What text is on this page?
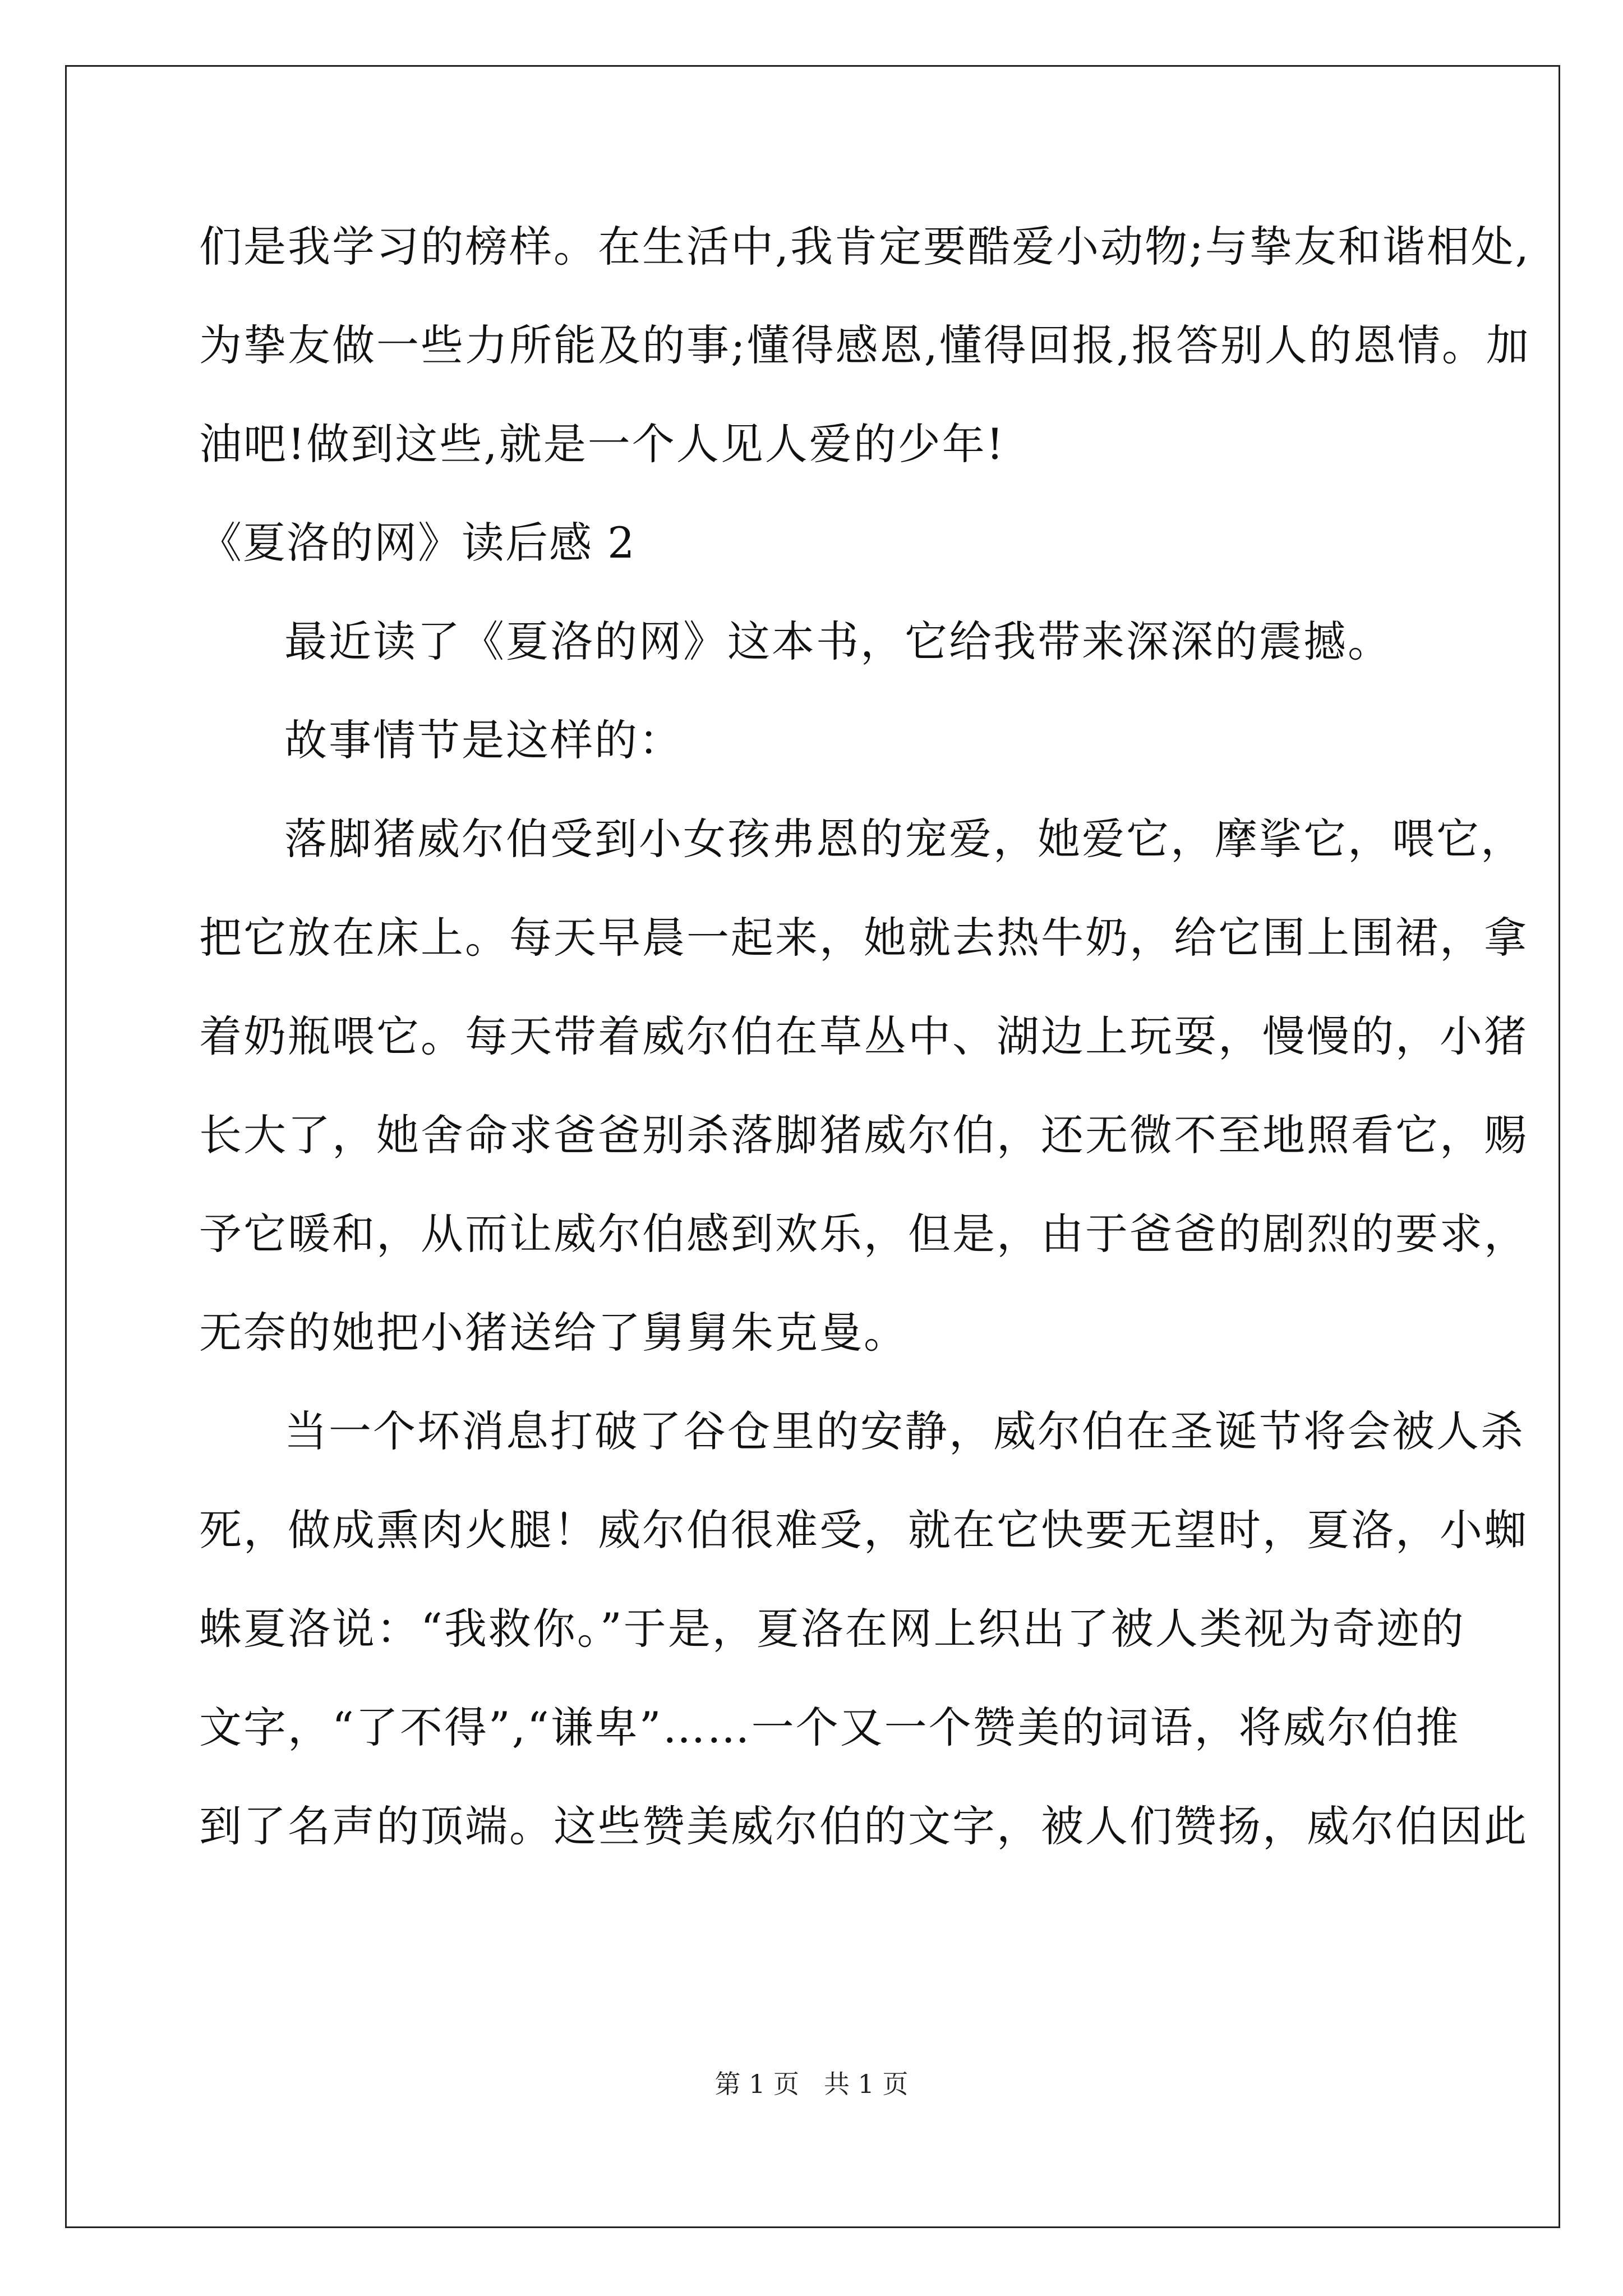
们是我学习的榜样。在生活中,我肯定要酷爱小动物;与挚友和谐相处,
为挚友做一些力所能及的事;懂得感恩,懂得回报,报答别人的恩情。加
油吧!做到这些,就是一个人见人爱的少年!
《夏洛的网》读后感 2
最近读了《夏洛的网》这本书，它给我带来深深的震撼。
故事情节是这样的：
落脚猪威尔伯受到小女孩弗恩的宠爱，她爱它，摩挲它，喂它，
把它放在床上。每天早晨一起来，她就去热牛奶，给它围上围裙，拿
着奶瓶喂它。每天带着威尔伯在草丛中、湖边上玩耍，慢慢的，小猪
长大了，她舍命求爸爸别杀落脚猪威尔伯，还无微不至地照看它，赐
予它暖和，从而让威尔伯感到欢乐，但是，由于爸爸的剧烈的要求，
无奈的她把小猪送给了舅舅朱克曼。
当一个坏消息打破了谷仓里的安静，威尔伯在圣诞节将会被人杀
死，做成熏肉火腿！威尔伯很难受，就在它快要无望时，夏洛，小蜘
蛛夏洛说：“我救你。”于是，夏洛在网上织出了被人类视为奇迹的
文字，“了不得”,“谦卑”……一个又一个赞美的词语，将威尔伯推
到了名声的顶端。这些赞美威尔伯的文字，被人们赞扬，威尔伯因此
第 1 页 共 1 页
